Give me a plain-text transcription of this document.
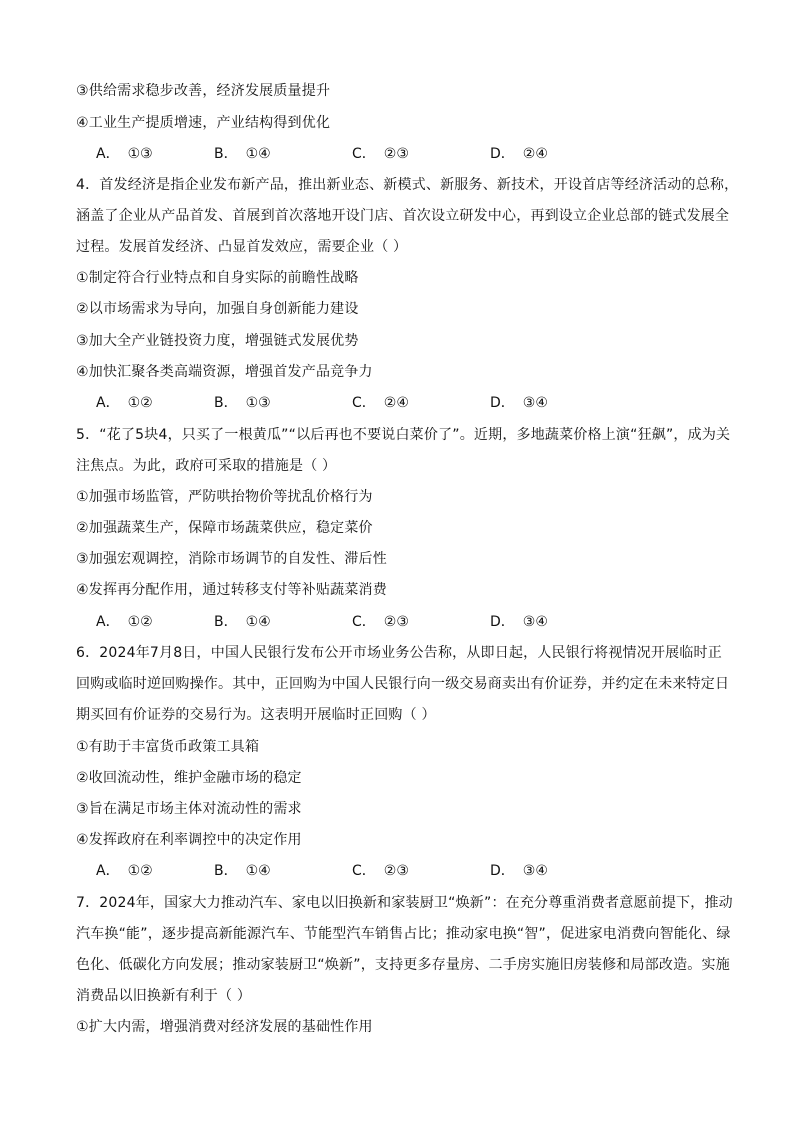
③供给需求稳步改善，经济发展质量提升
④工业生产提质增速，产业结构得到优化
A． ①③	B． ①④	C． ②③	D． ②④
4．首发经济是指企业发布新产品，推出新业态、新模式、新服务、新技术，开设首店等经济活动的总称，
涵盖了企业从产品首发、首展到首次落地开设门店、首次设立研发中心，再到设立企业总部的链式发展全
过程。发展首发经济、凸显首发效应，需要企业（ ）
①制定符合行业特点和自身实际的前瞻性战略
②以市场需求为导向，加强自身创新能力建设
③加大全产业链投资力度，增强链式发展优势
④加快汇聚各类高端资源，增强首发产品竞争力
A． ①②	B． ①③	C． ②④	D． ③④
5．“花了5块4，只买了一根黄瓜”“以后再也不要说白菜价了”。近期，多地蔬菜价格上演“狂飙”，成为关
注焦点。为此，政府可采取的措施是（ ）
①加强市场监管，严防哄抬物价等扰乱价格行为
②加强蔬菜生产，保障市场蔬菜供应，稳定菜价
③加强宏观调控，消除市场调节的自发性、滞后性
④发挥再分配作用，通过转移支付等补贴蔬菜消费
A． ①②	B． ①④	C． ②③	D． ③④
6．2024年7月8日，中国人民银行发布公开市场业务公告称，从即日起，人民银行将视情况开展临时正
回购或临时逆回购操作。其中，正回购为中国人民银行向一级交易商卖出有价证券，并约定在未来特定日
期买回有价证券的交易行为。这表明开展临时正回购（ ）
①有助于丰富货币政策工具箱
②收回流动性，维护金融市场的稳定
③旨在满足市场主体对流动性的需求
④发挥政府在利率调控中的决定作用
A． ①②	B． ①④	C． ②③	D． ③④
7．2024年，国家大力推动汽车、家电以旧换新和家装厨卫“焕新”：在充分尊重消费者意愿前提下，推动
汽车换“能”，逐步提高新能源汽车、节能型汽车销售占比；推动家电换“智”，促进家电消费向智能化、绿
色化、低碳化方向发展；推动家装厨卫“焕新”，支持更多存量房、二手房实施旧房装修和局部改造。实施
消费品以旧换新有利于（ ）
①扩大内需，增强消费对经济发展的基础性作用
